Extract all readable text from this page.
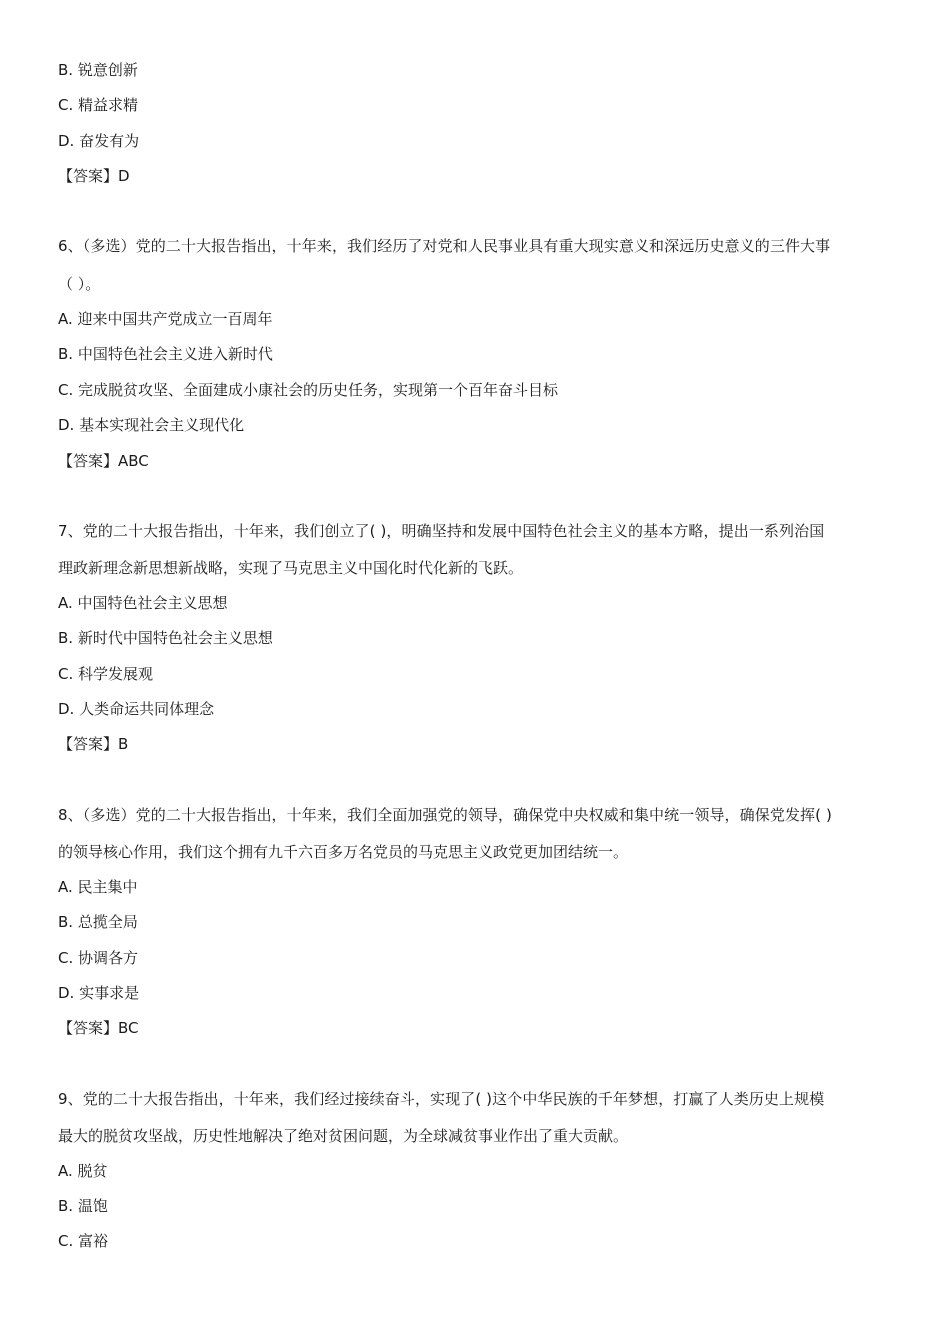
B. 锐意创新
C. 精益求精
D. 奋发有为
【答案】D
6、（多选）党的二十大报告指出，十年来，我们经历了对党和人民事业具有重大现实意义和深远历史意义的三件大事
（ ）。
A. 迎来中国共产党成立一百周年
B. 中国特色社会主义进入新时代
C. 完成脱贫攻坚、全面建成小康社会的历史任务，实现第一个百年奋斗目标
D. 基本实现社会主义现代化
【答案】ABC
7、党的二十大报告指出，十年来，我们创立了( )，明确坚持和发展中国特色社会主义的基本方略，提出一系列治国
理政新理念新思想新战略，实现了马克思主义中国化时代化新的飞跃。
A. 中国特色社会主义思想
B. 新时代中国特色社会主义思想
C. 科学发展观
D. 人类命运共同体理念
【答案】B
8、（多选）党的二十大报告指出，十年来，我们全面加强党的领导，确保党中央权威和集中统一领导，确保党发挥( )
的领导核心作用，我们这个拥有九千六百多万名党员的马克思主义政党更加团结统一。
A. 民主集中
B. 总揽全局
C. 协调各方
D. 实事求是
【答案】BC
9、党的二十大报告指出，十年来，我们经过接续奋斗，实现了( )这个中华民族的千年梦想，打赢了人类历史上规模
最大的脱贫攻坚战，历史性地解决了绝对贫困问题，为全球减贫事业作出了重大贡献。
A. 脱贫
B. 温饱
C. 富裕
